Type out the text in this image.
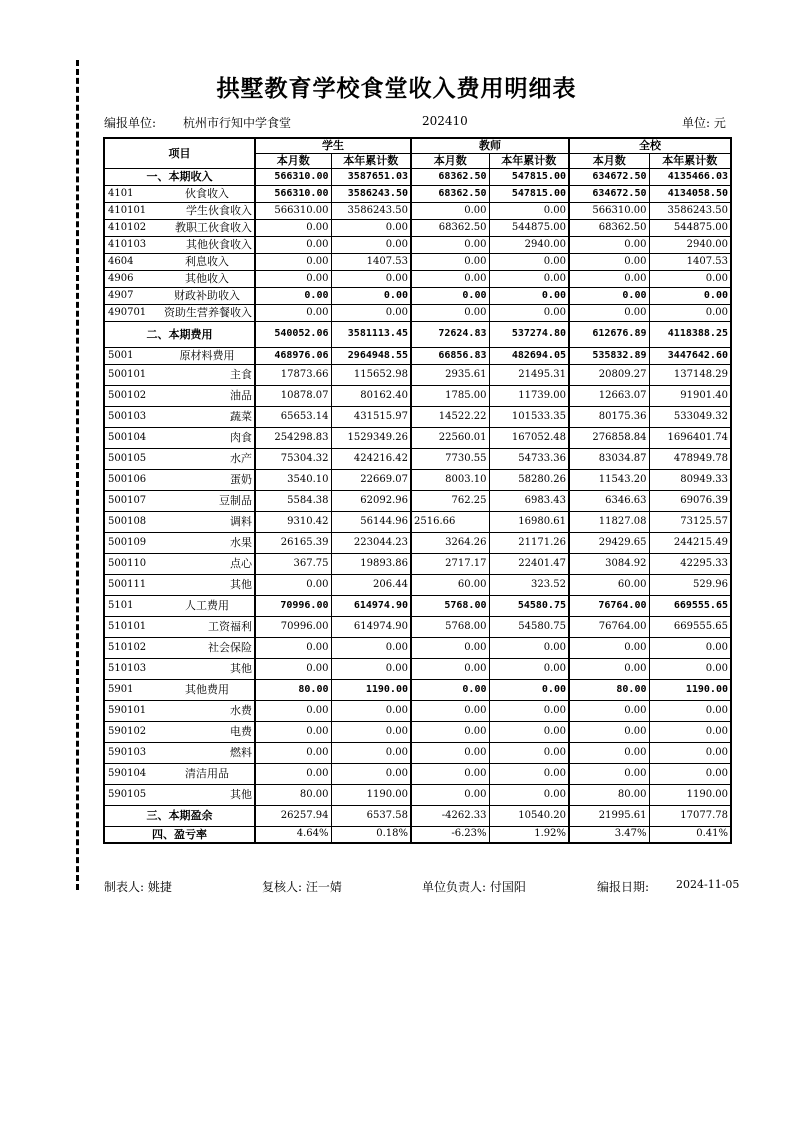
拱墅教育学校食堂收入费用明细表
编报单位: 杭州市行知中学食堂	202410	单位: 元
项目		学生		教师		全校	
		本月数	本年累计数	本月数	本年累计数	本月数	本年累计数
一、本期收入		566310.00	3587651.03	68362.50	547815.00	634672.50	4135466.03
4101	伙食收入	566310.00	3586243.50	68362.50	547815.00	634672.50	4134058.50
410101	学生伙食收入	566310.00	3586243.50	0.00	0.00	566310.00	3586243.50
410102	教职工伙食收入	0.00	0.00	68362.50	544875.00	68362.50	544875.00
410103	其他伙食收入	0.00	0.00	0.00	2940.00	0.00	2940.00
4604	利息收入	0.00	1407.53	0.00	0.00	0.00	1407.53
4906	其他收入	0.00	0.00	0.00	0.00	0.00	0.00
4907	财政补助收入	0.00	0.00	0.00	0.00	0.00	0.00
490701	资助生营养餐收入	0.00	0.00	0.00	0.00	0.00	0.00
二、本期费用		540052.06	3581113.45	72624.83	537274.80	612676.89	4118388.25
5001	原材料费用	468976.06	2964948.55	66856.83	482694.05	535832.89	3447642.60
500101	主食	17873.66	115652.98	2935.61	21495.31	20809.27	137148.29
500102	油品	10878.07	80162.40	1785.00	11739.00	12663.07	91901.40
500103	蔬菜	65653.14	431515.97	14522.22	101533.35	80175.36	533049.32
500104	肉食	254298.83	1529349.26	22560.01	167052.48	276858.84	1696401.74
500105	水产	75304.32	424216.42	7730.55	54733.36	83034.87	478949.78
500106	蛋奶	3540.10	22669.07	8003.10	58280.26	11543.20	80949.33
500107	豆制品	5584.38	62092.96	762.25	6983.43	6346.63	69076.39
500108	调料	9310.42	56144.96	2516.66	16980.61	11827.08	73125.57
500109	水果	26165.39	223044.23	3264.26	21171.26	29429.65	244215.49
500110	点心	367.75	19893.86	2717.17	22401.47	3084.92	42295.33
500111	其他	0.00	206.44	60.00	323.52	60.00	529.96
5101	人工费用	70996.00	614974.90	5768.00	54580.75	76764.00	669555.65
510101	工资福利	70996.00	614974.90	5768.00	54580.75	76764.00	669555.65
510102	社会保险	0.00	0.00	0.00	0.00	0.00	0.00
510103	其他	0.00	0.00	0.00	0.00	0.00	0.00
5901	其他费用	80.00	1190.00	0.00	0.00	80.00	1190.00
590101	水费	0.00	0.00	0.00	0.00	0.00	0.00
590102	电费	0.00	0.00	0.00	0.00	0.00	0.00
590103	燃料	0.00	0.00	0.00	0.00	0.00	0.00
590104	清洁用品	0.00	0.00	0.00	0.00	0.00	0.00
590105	其他	80.00	1190.00	0.00	0.00	80.00	1190.00
三、本期盈余		26257.94	6537.58	-4262.33	10540.20	21995.61	17077.78
四、盈亏率		4.64%	0.18%	-6.23%	1.92%	3.47%	0.41%
制表人: 姚捷	复核人: 汪一婧	单位负责人: 付国阳	编报日期: 2024-11-05
